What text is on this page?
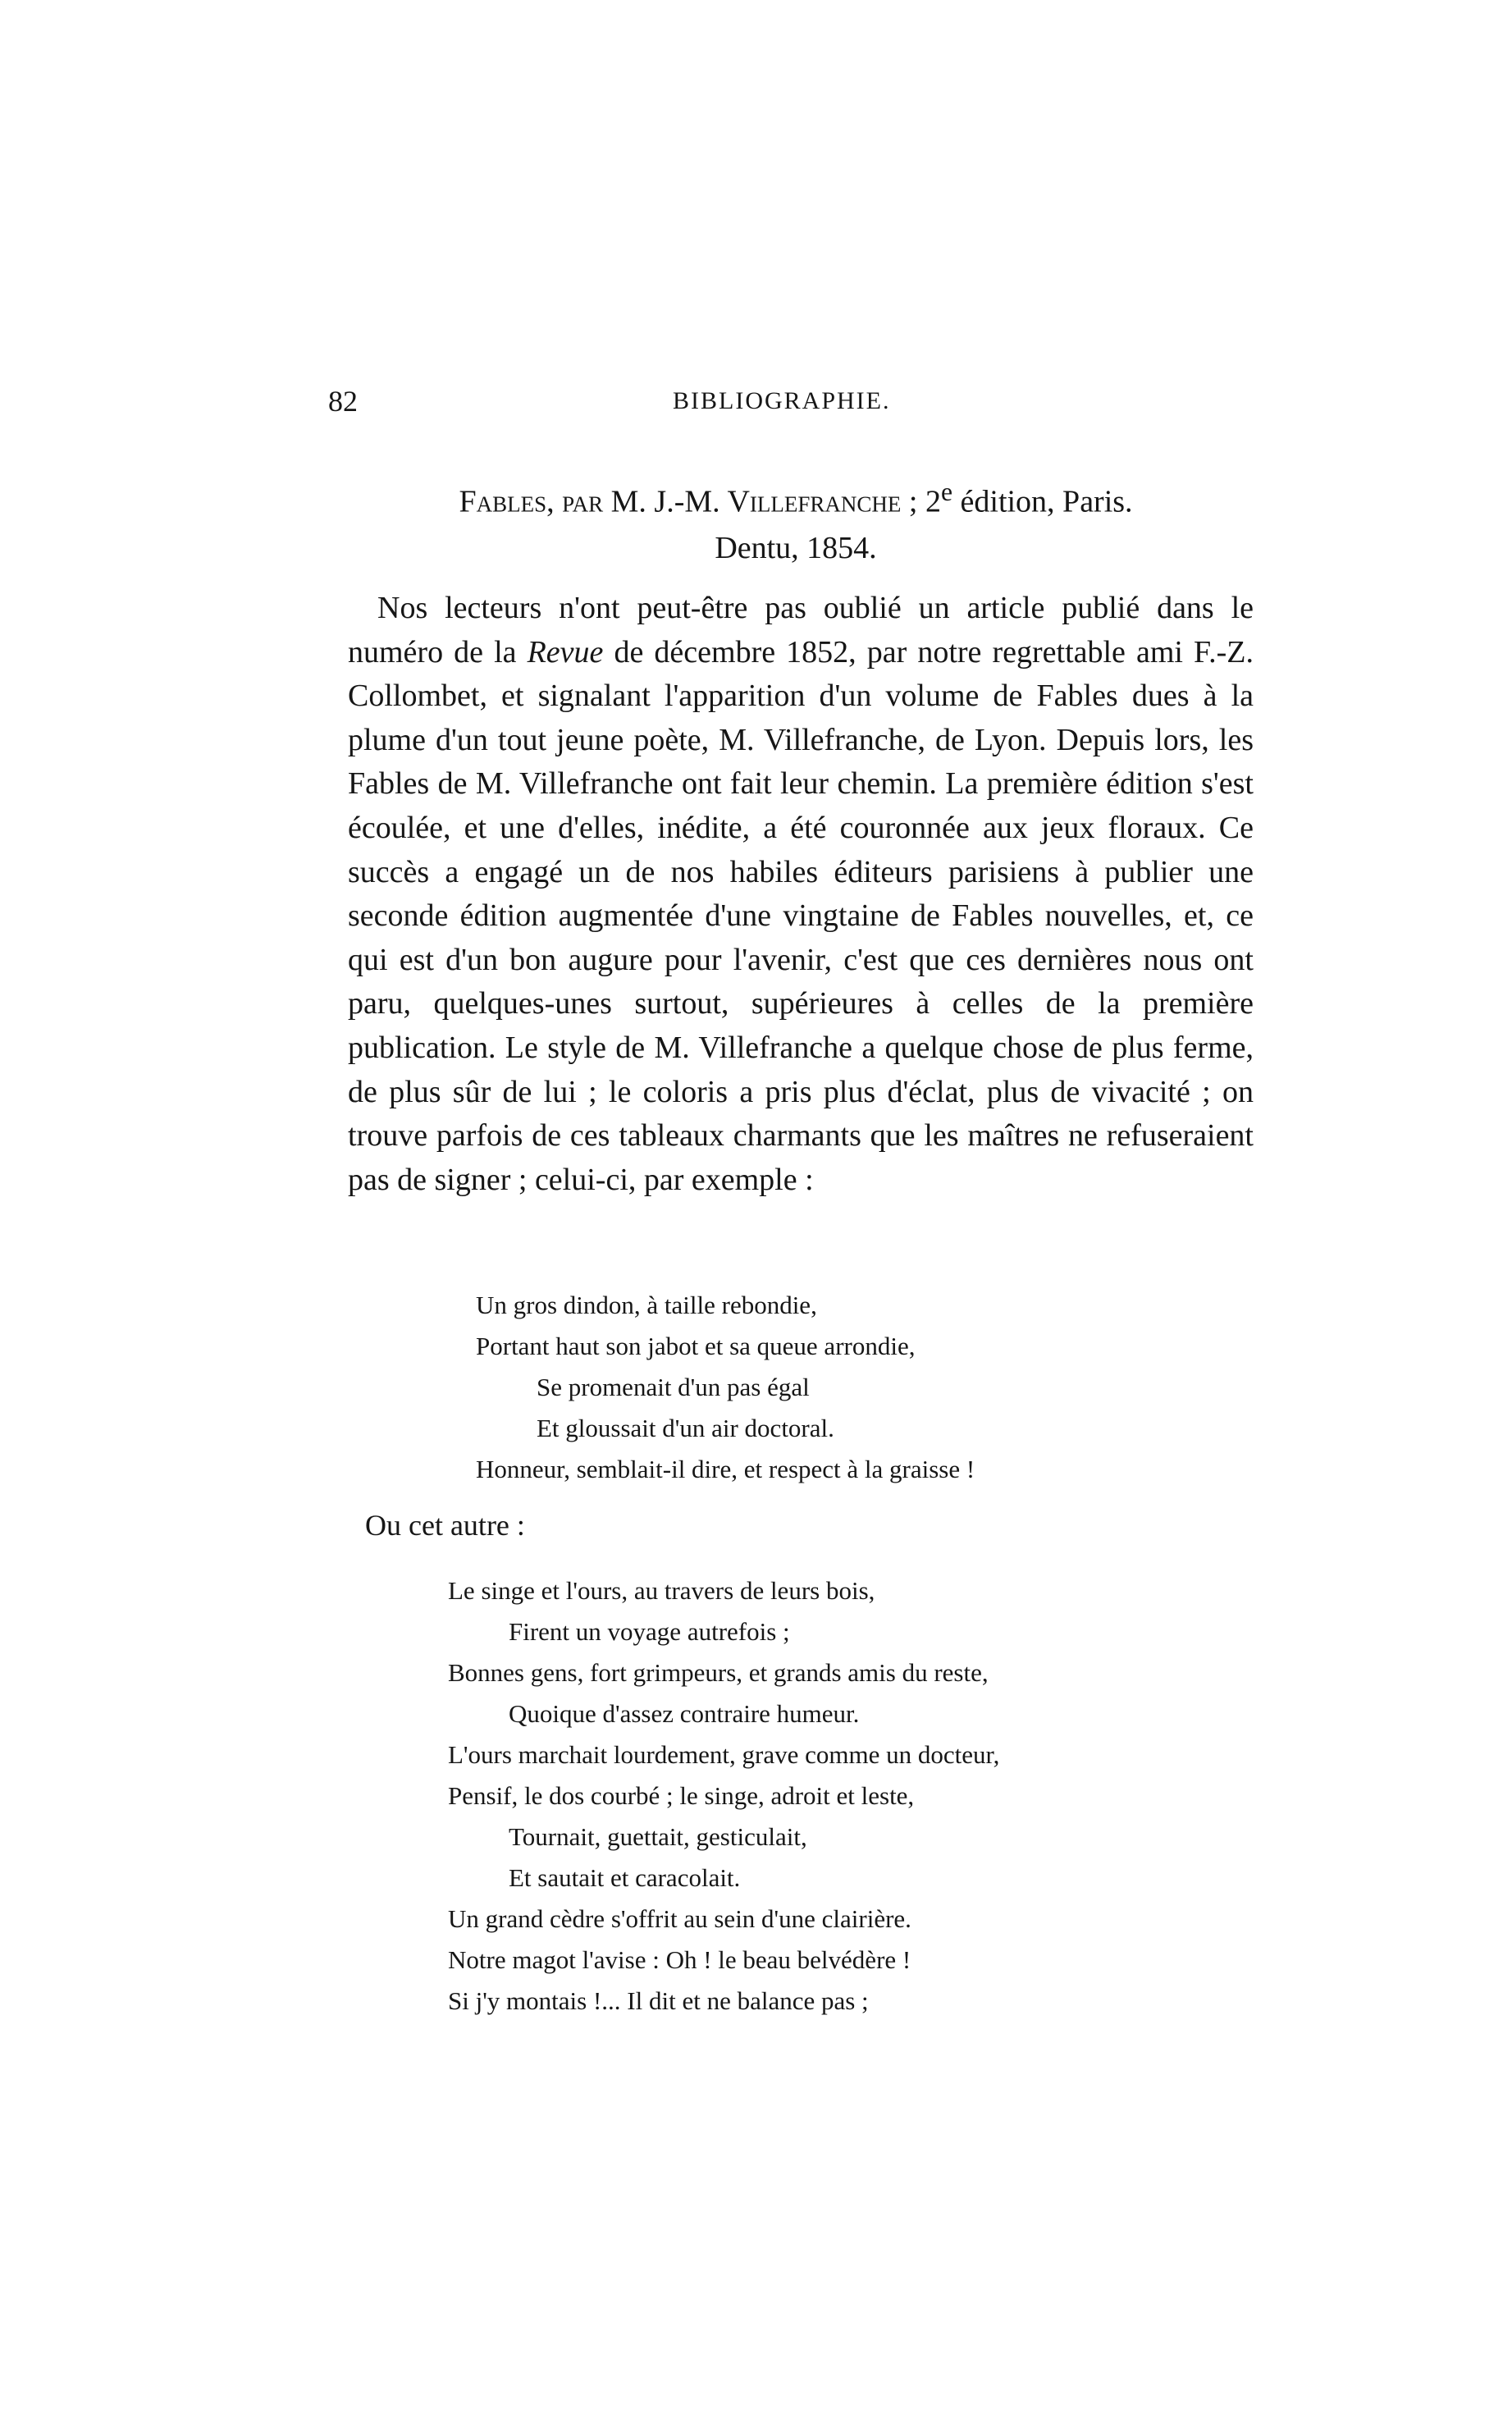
82	BIBLIOGRAPHIE.
Fables, par M. J.-M. Villefranche ; 2e édition, Paris.
Dentu, 1854.

Nos lecteurs n'ont peut-être pas oublié un article publié dans le numéro de la Revue de décembre 1852, par notre regrettable ami F.-Z. Collombet, et signalant l'apparition d'un volume de Fables dues à la plume d'un tout jeune poète, M. Villefranche, de Lyon. Depuis lors, les Fables de M. Villefranche ont fait leur chemin. La première édition s'est écoulée, et une d'elles, inédite, a été couronnée aux jeux floraux. Ce succès a engagé un de nos habiles éditeurs parisiens à publier une seconde édition augmentée d'une vingtaine de Fables nouvelles, et, ce qui est d'un bon augure pour l'avenir, c'est que ces dernières nous ont paru, quelques-unes surtout, supérieures à celles de la première publication. Le style de M. Villefranche a quelque chose de plus ferme, de plus sûr de lui ; le coloris a pris plus d'éclat, plus de vivacité ; on trouve parfois de ces tableaux charmants que les maîtres ne refuseraient pas de signer ; celui-ci, par exemple :

Un gros dindon, à taille rebondie,
Portant haut son jabot et sa queue arrondie,
Se promenait d'un pas égal
Et gloussait d'un air doctoral.
Honneur, semblait-il dire, et respect à la graisse !
Ou cet autre :
Le singe et l'ours, au travers de leurs bois,
Firent un voyage autrefois ;
Bonnes gens, fort grimpeurs, et grands amis du reste,
Quoique d'assez contraire humeur.
L'ours marchait lourdement, grave comme un docteur,
Pensif, le dos courbé ; le singe, adroit et leste,
Tournait, guettait, gesticulait,
Et sautait et caracolait.
Un grand cèdre s'offrit au sein d'une clairière.
Notre magot l'avise : Oh ! le beau belvédère !
Si j'y montais !... Il dit et ne balance pas ;
